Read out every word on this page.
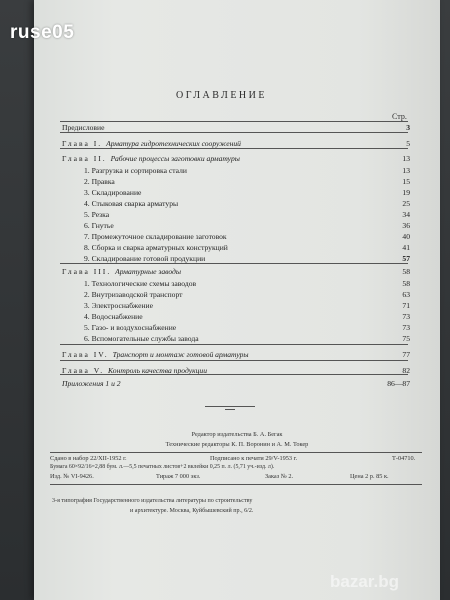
ruse05
ОГЛАВЛЕНИЕ
Стр.
Предисловие	3
Глава I. Арматура гидротехнических сооружений	5
Глава II. Рабочие процессы заготовки арматуры	13
1. Разгрузка и сортировка стали	13
2. Правка	15
3. Складирование	19
4. Стыковая сварка арматуры	25
5. Резка	34
6. Гнутье	36
7. Промежуточное складирование заготовок	40
8. Сборка и сварка арматурных конструкций	41
9. Складирование готовой продукции	57
Глава III. Арматурные заводы	58
1. Технологические схемы заводов	58
2. Внутризаводской транспорт	63
3. Электроснабжение	71
4. Водоснабжение	73
5. Газо- и воздухоснабжение	73
6. Вспомогательные службы завода	75
Глава IV. Транспорт и монтаж готовой арматуры	77
Глава V. Контроль качества продукции	82
Приложения 1 и 2	86—87
Редактор издательства Б. А. Бегак
Технические редакторы К. П. Воронин и А. М. Токер
Сдано в набор 22/XII-1952 г.	Подписано к печати 29/V-1953 г.	Т-04710.
Бумага 60×92/16=2,88 бум. л.—5,5 печатных листов+2 вклейки 0,25 п. л. (5,71 уч.-изд. л).
Изд. № VI-9426.	Тираж 7 000 экз.	Заказ № 2.	Цена 2 р. 85 к.
3-я типография Государственного издательства литературы по строительству
и архитектуре. Москва, Куйбышевский пр., 6/2.
bazar.bg
